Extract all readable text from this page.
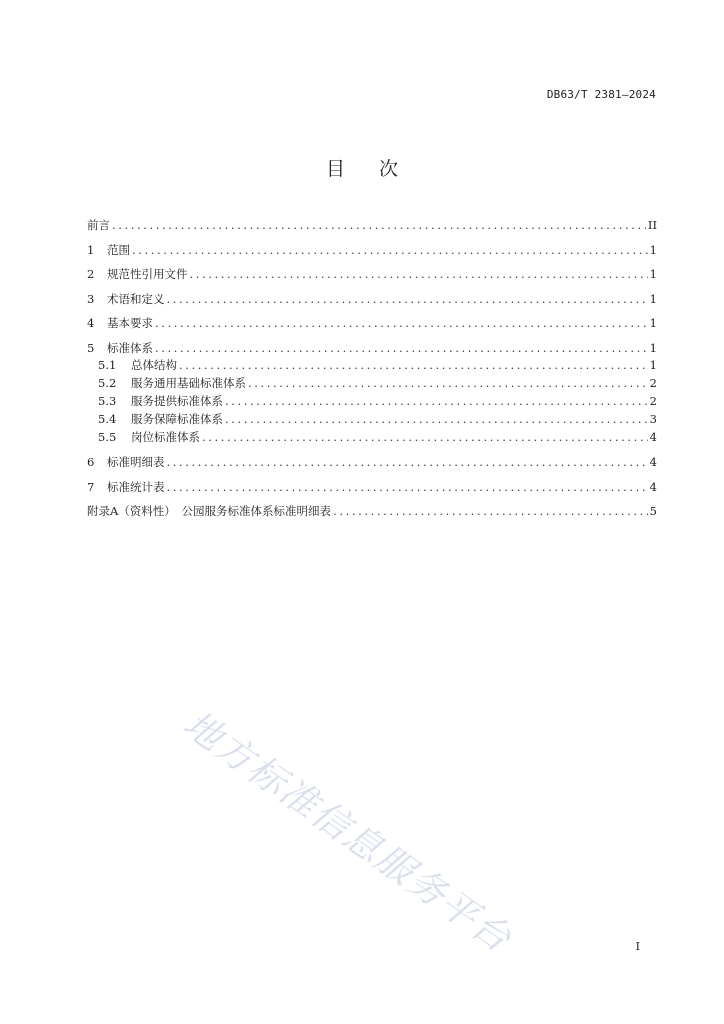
DB63/T 2381—2024
目次
前言 .....	II
1	范围 .....	1
2	规范性引用文件 .....	1
3	术语和定义 .....	1
4	基本要求 .....	1
5	标准体系 .....	1
5.1	总体结构 .....	1
5.2	服务通用基础标准体系 .....	2
5.3	服务提供标准体系 .....	2
5.4	服务保障标准体系 .....	3
5.5	岗位标准体系 .....	4
6	标准明细表 .....	4
7	标准统计表 .....	4
附录A（资料性）　公园服务标准体系标准明细表 .....	5
地方标准信息服务平台	I
